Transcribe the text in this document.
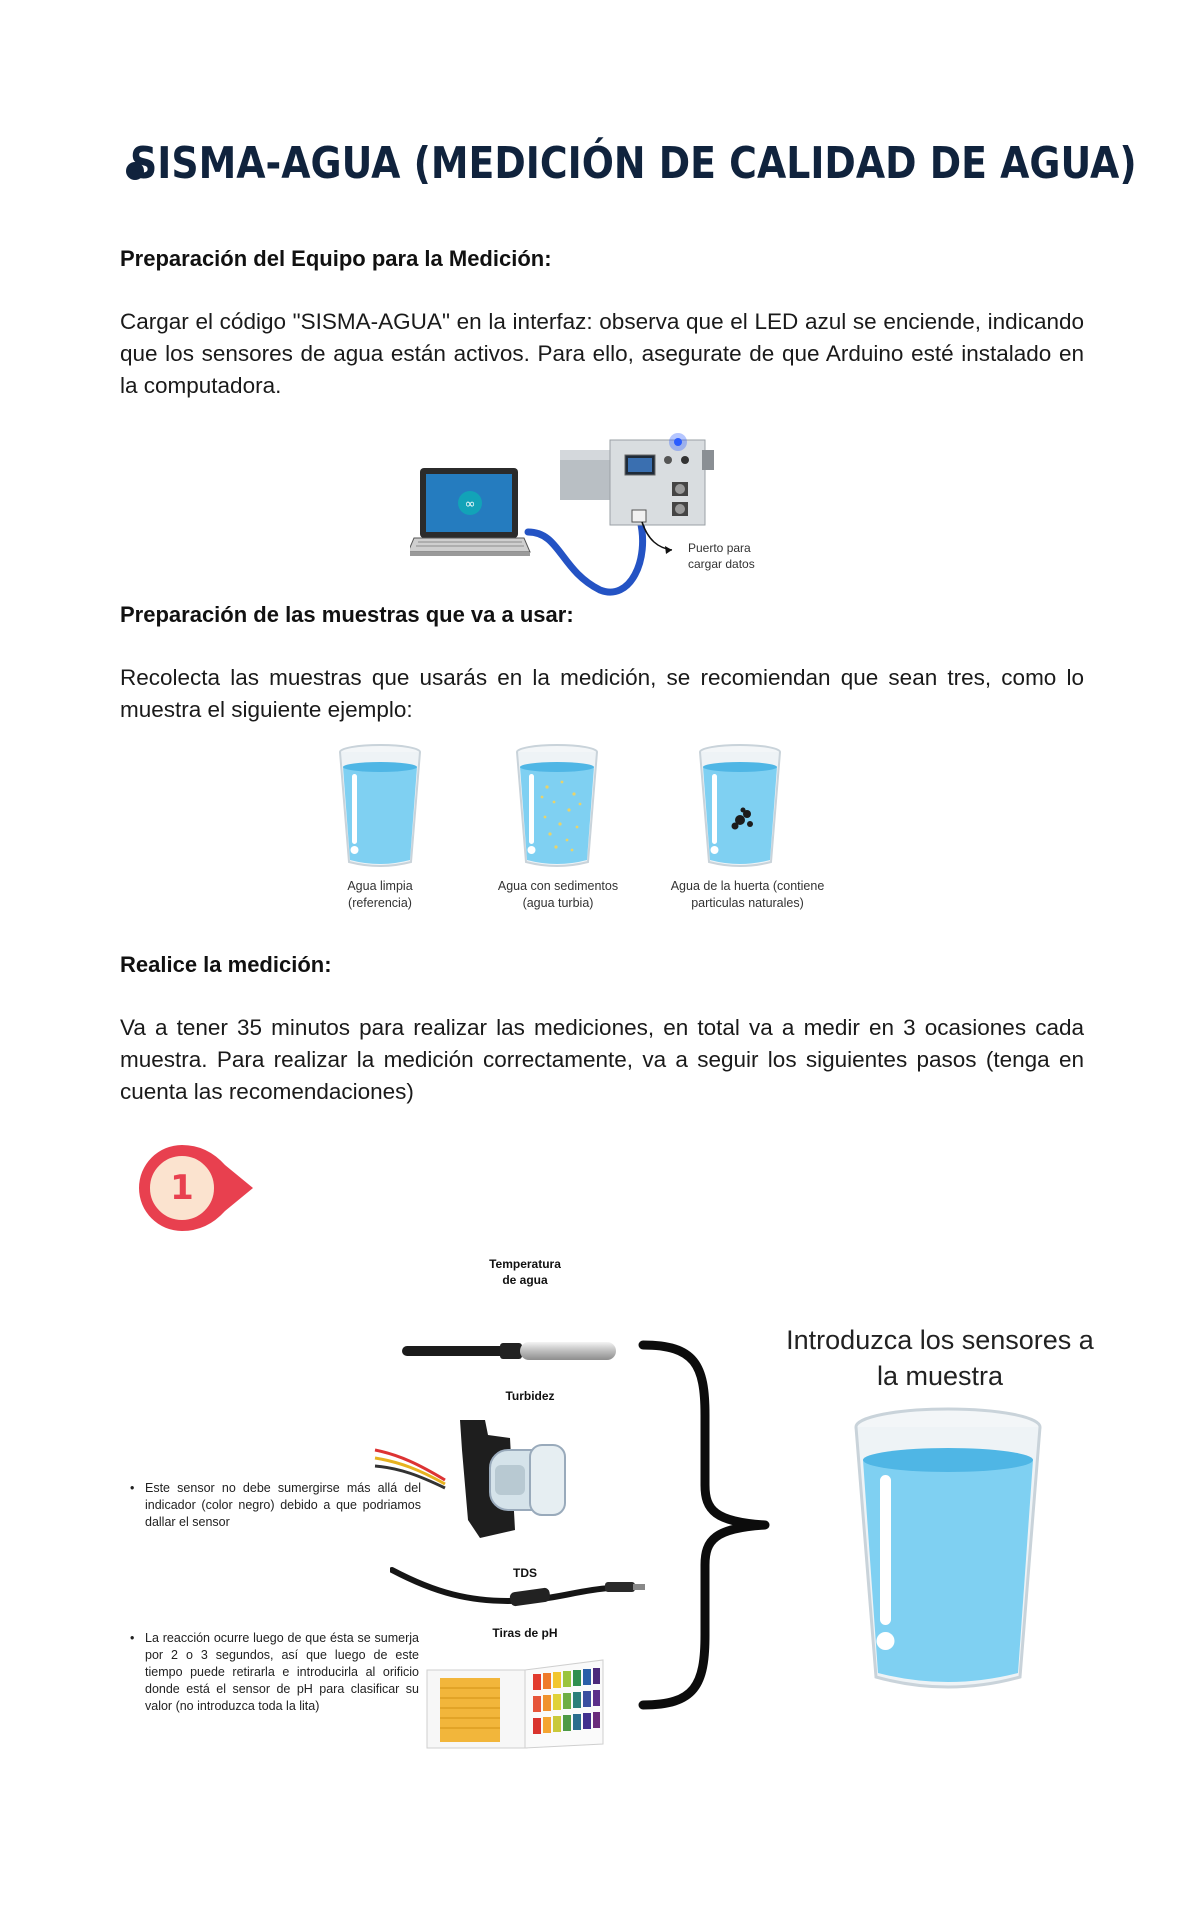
SISMA-AGUA (MEDICIÓN DE CALIDAD DE AGUA)
Preparación del Equipo para la Medición:
Cargar el código "SISMA-AGUA" en la interfaz: observa que el LED azul se enciende, indicando que los sensores de agua están activos. Para ello, asegurate de que Arduino esté instalado en la computadora.
∞
Puerto para
cargar datos
Preparación de las muestras que va a usar:
Recolecta las muestras que usarás en la medición, se recomiendan que sean tres, como lo muestra el siguiente ejemplo:
Agua limpia
(referencia)
Agua con sedimentos
(agua turbia)
Agua de la huerta (contiene
particulas naturales)
Realice la medición:
Va a tener 35 minutos para realizar las mediciones, en total va a medir en 3 ocasiones cada muestra. Para realizar la medición correctamente, va a seguir los siguientes pasos (tenga en cuenta las recomendaciones)
1
Temperatura
de agua
Turbidez
TDS
Tiras de pH
• Este sensor no debe sumergirse más allá del indicador (color negro) debido a que podriamos dallar el sensor
• La reacción ocurre luego de que ésta se sumerja por 2 o 3 segundos, así que luego de este tiempo puede retirarla e introducirla al orificio donde está el sensor de pH para clasificar su valor (no introduzca toda la lita)
Introduzca los sensores a
la muestra
